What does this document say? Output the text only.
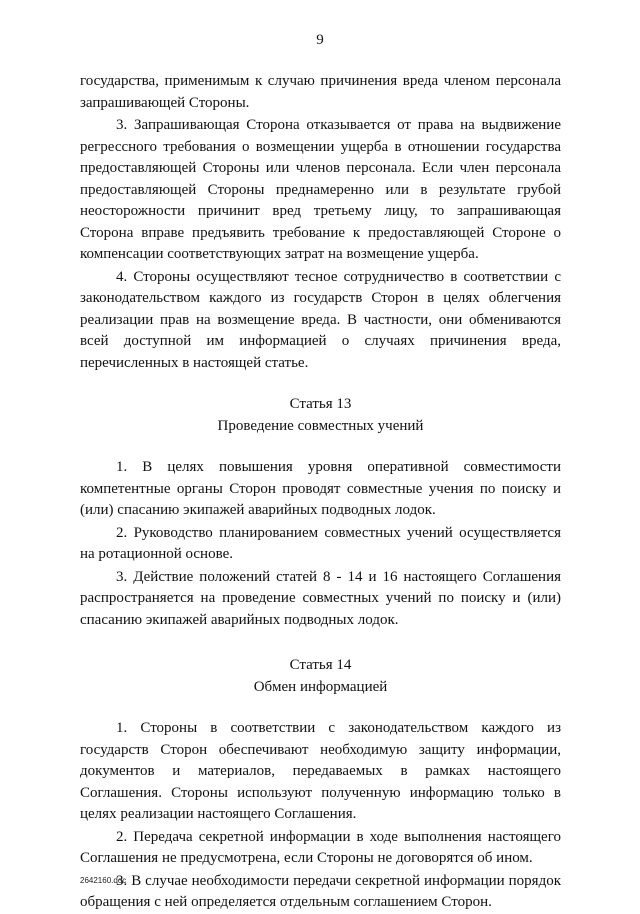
9

государства, применимым к случаю причинения вреда членом персонала запрашивающей Стороны.

3. Запрашивающая Сторона отказывается от права на выдвижение регрессного требования о возмещении ущерба в отношении государства предоставляющей Стороны или членов персонала. Если член персонала предоставляющей Стороны преднамеренно или в результате грубой неосторожности причинит вред третьему лицу, то запрашивающая Сторона вправе предъявить требование к предоставляющей Стороне о компенсации соответствующих затрат на возмещение ущерба.

4. Стороны осуществляют тесное сотрудничество в соответствии с законодательством каждого из государств Сторон в целях облегчения реализации прав на возмещение вреда. В частности, они обмениваются всей доступной им информацией о случаях причинения вреда, перечисленных в настоящей статье.

Статья 13

Проведение совместных учений

1. В целях повышения уровня оперативной совместимости компетентные органы Сторон проводят совместные учения по поиску и (или) спасанию экипажей аварийных подводных лодок.

2. Руководство планированием совместных учений осуществляется на ротационной основе.

3. Действие положений статей 8 - 14 и 16 настоящего Соглашения распространяется на проведение совместных учений по поиску и (или) спасанию экипажей аварийных подводных лодок.

Статья 14

Обмен информацией

1. Стороны в соответствии с законодательством каждого из государств Сторон обеспечивают необходимую защиту информации, документов и материалов, передаваемых в рамках настоящего Соглашения. Стороны используют полученную информацию только в целях реализации настоящего Соглашения.

2. Передача секретной информации в ходе выполнения настоящего Соглашения не предусмотрена, если Стороны не договорятся об ином.

3. В случае необходимости передачи секретной информации порядок обращения с ней определяется отдельным соглашением Сторон.

2642160.doc
